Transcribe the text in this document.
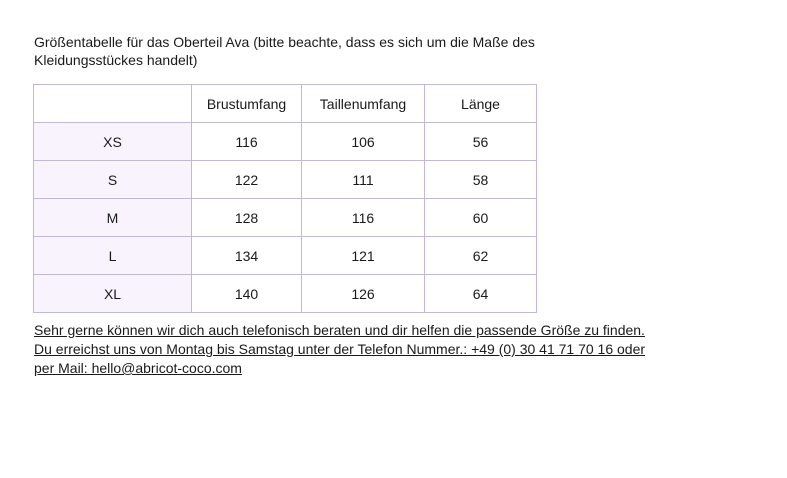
Größentabelle für das Oberteil Ava (bitte beachte, dass es sich um die Maße des Kleidungsstückes handelt)

	Brustumfang	Taillenumfang	Länge
XS	116	106	56
S	122	111	58
M	128	116	60
L	134	121	62
XL	140	126	64

Sehr gerne können wir dich auch telefonisch beraten und dir helfen die passende Größe zu finden.
Du erreichst uns von Montag bis Samstag unter der Telefon Nummer.: +49 (0) 30 41 71 70 16 oder
per Mail: hello@abricot-coco.com
